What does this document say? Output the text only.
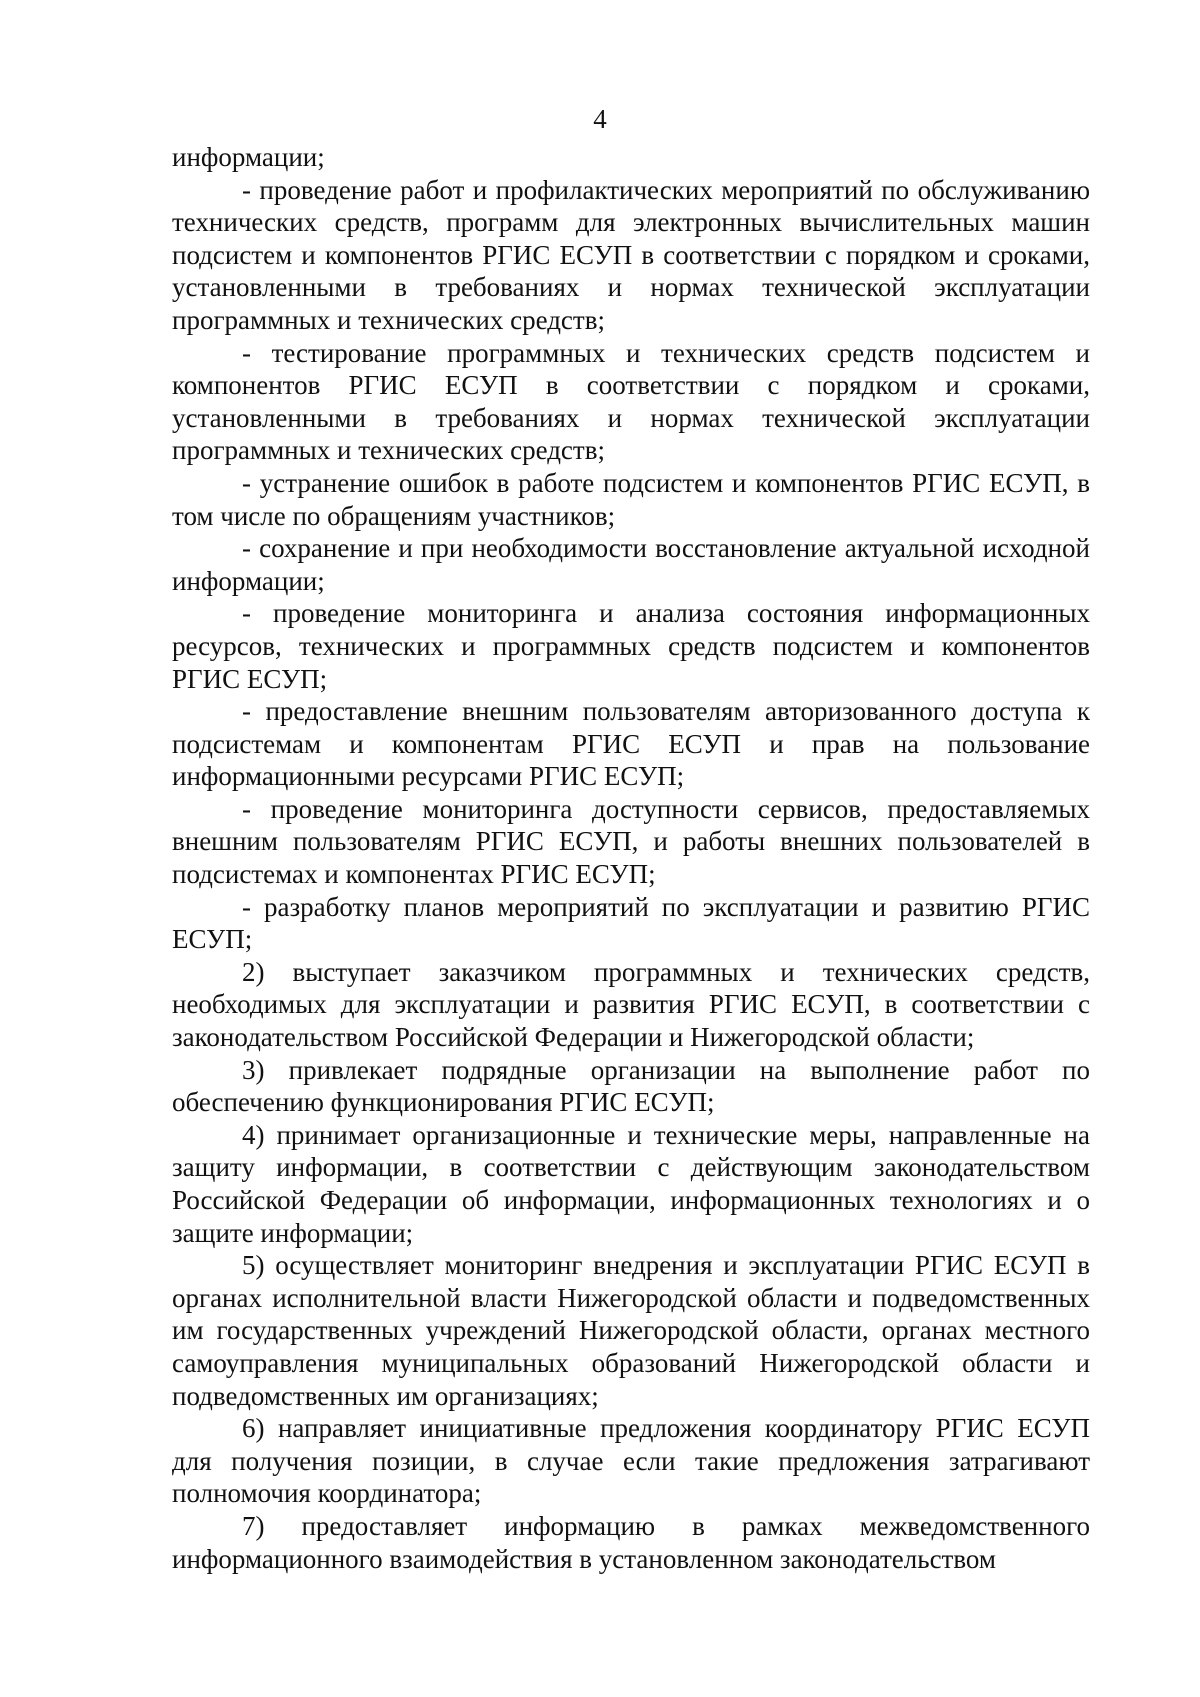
4

информации;

- проведение работ и профилактических мероприятий по обслуживанию технических средств, программ для электронных вычислительных машин подсистем и компонентов РГИС ЕСУП в соответствии с порядком и сроками, установленными в требованиях и нормах технической эксплуатации программных и технических средств;

- тестирование программных и технических средств подсистем и компонентов РГИС ЕСУП в соответствии с порядком и сроками, установленными в требованиях и нормах технической эксплуатации программных и технических средств;

- устранение ошибок в работе подсистем и компонентов РГИС ЕСУП, в том числе по обращениям участников;

- сохранение и при необходимости восстановление актуальной исходной информации;

- проведение мониторинга и анализа состояния информационных ресурсов, технических и программных средств подсистем и компонентов РГИС ЕСУП;

- предоставление внешним пользователям авторизованного доступа к подсистемам и компонентам РГИС ЕСУП и прав на пользование информационными ресурсами РГИС ЕСУП;

- проведение мониторинга доступности сервисов, предоставляемых внешним пользователям РГИС ЕСУП, и работы внешних пользователей в подсистемах и компонентах РГИС ЕСУП;

- разработку планов мероприятий по эксплуатации и развитию РГИС ЕСУП;

2) выступает заказчиком программных и технических средств, необходимых для эксплуатации и развития РГИС ЕСУП, в соответствии с законодательством Российской Федерации и Нижегородской области;

3) привлекает подрядные организации на выполнение работ по обеспечению функционирования РГИС ЕСУП;

4) принимает организационные и технические меры, направленные на защиту информации, в соответствии с действующим законодательством Российской Федерации об информации, информационных технологиях и о защите информации;

5) осуществляет мониторинг внедрения и эксплуатации РГИС ЕСУП в органах исполнительной власти Нижегородской области и подведомственных им государственных учреждений Нижегородской области, органах местного самоуправления муниципальных образований Нижегородской области и подведомственных им организациях;

6) направляет инициативные предложения координатору РГИС ЕСУП для получения позиции, в случае если такие предложения затрагивают полномочия координатора;

7) предоставляет информацию в рамках межведомственного информационного взаимодействия в установленном законодательством
